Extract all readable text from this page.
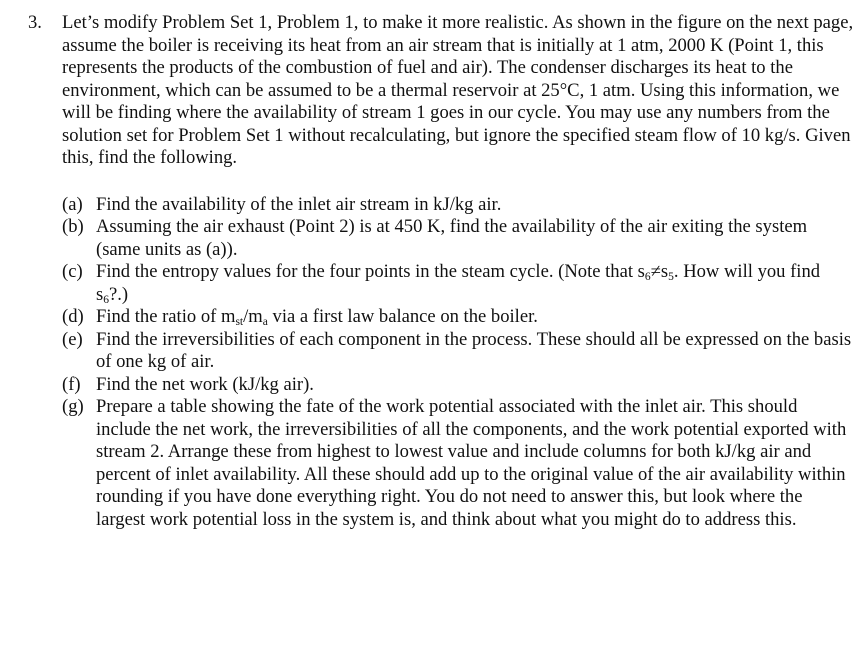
3.	Let’s modify Problem Set 1, Problem 1, to make it more realistic. As shown in the figure on the next page, assume the boiler is receiving its heat from an air stream that is initially at 1 atm, 2000 K (Point 1, this represents the products of the combustion of fuel and air). The condenser discharges its heat to the environment, which can be assumed to be a thermal reservoir at 25°C, 1 atm. Using this information, we will be finding where the availability of stream 1 goes in our cycle. You may use any numbers from the solution set for Problem Set 1 without recalculating, but ignore the specified steam flow of 10 kg/s. Given this, find the following.

(a) Find the availability of the inlet air stream in kJ/kg air.

(b) Assuming the air exhaust (Point 2) is at 450 K, find the availability of the air exiting the system (same units as (a)).

(c) Find the entropy values for the four points in the steam cycle. (Note that $s_6\ne s_5$. How will you find $s_6$?.)

(d) Find the ratio of $m_{st}/m_a$ via a first law balance on the boiler.

(e) Find the irreversibilities of each component in the process. These should all be expressed on the basis of one kg of air.

(f) Find the net work (kJ/kg air).

(g) Prepare a table showing the fate of the work potential associated with the inlet air. This should include the net work, the irreversibilities of all the components, and the work potential exported with stream 2. Arrange these from highest to lowest value and include columns for both kJ/kg air and percent of inlet availability. All these should add up to the original value of the air availability within rounding if you have done everything right. You do not need to answer this, but look where the largest work potential loss in the system is, and think about what you might do to address this.
